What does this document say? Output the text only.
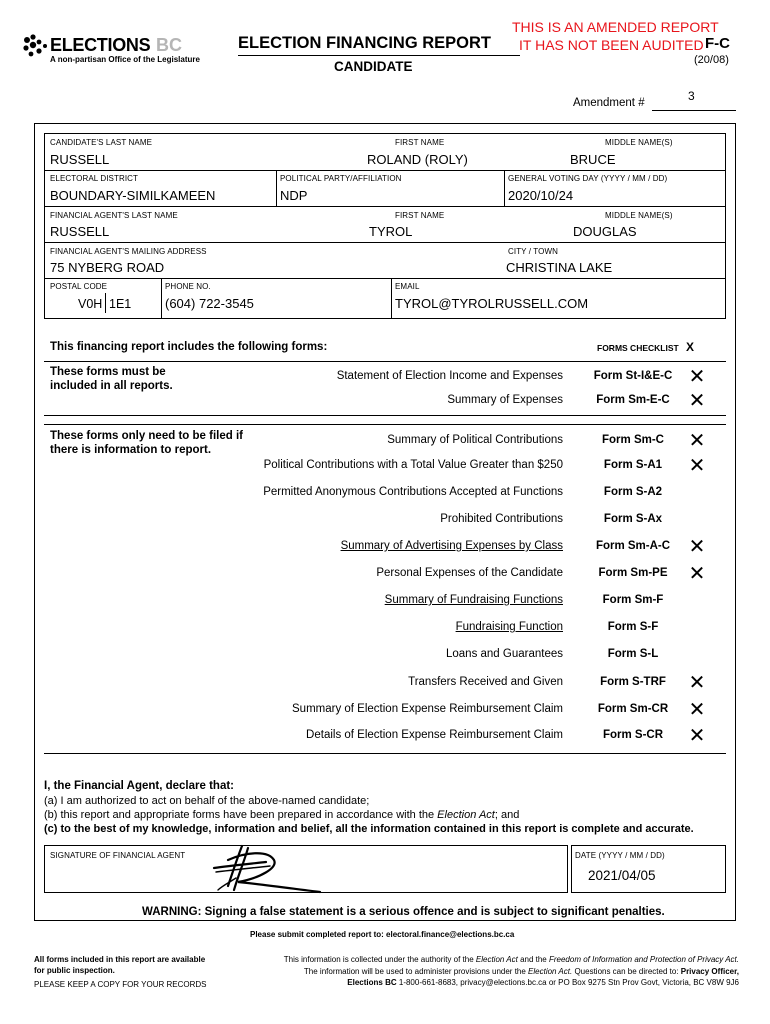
ELECTIONS BC
A non-partisan Office of the Legislature
ELECTION FINANCING REPORT
CANDIDATE
THIS IS AN AMENDED REPORT
IT HAS NOT BEEN AUDITED F-C
(20/08)
Amendment #	3
CANDIDATE'S LAST NAME	FIRST NAME	MIDDLE NAME(S)
RUSSELL	ROLAND (ROLY)	BRUCE
ELECTORAL DISTRICT	POLITICAL PARTY/AFFILIATION	GENERAL VOTING DAY (YYYY / MM / DD)
BOUNDARY-SIMILKAMEEN	NDP	2020/10/24
FINANCIAL AGENT'S LAST NAME	FIRST NAME	MIDDLE NAME(S)
RUSSELL	TYROL	DOUGLAS
FINANCIAL AGENT'S MAILING ADDRESS	CITY / TOWN
75 NYBERG ROAD	CHRISTINA LAKE
POSTAL CODE	PHONE NO.	EMAIL
V0H 1E1	(604) 722-3545	TYROL@TYROLRUSSELL.COM
This financing report includes the following forms:	FORMS CHECKLIST X
These forms must be included in all reports.
These forms only need to be filed if there is information to report.
Statement of Election Income and Expenses	Form St-I&E-C ✕
Summary of Expenses	Form Sm-E-C ✕
Summary of Political Contributions	Form Sm-C	✕
Political Contributions with a Total Value Greater than $250	Form S-A1	✕
Permitted Anonymous Contributions Accepted at Functions	Form S-A2
Prohibited Contributions	Form S-Ax
Summary of Advertising Expenses by Class	Form Sm-A-C ✕
Personal Expenses of the Candidate	Form Sm-PE	✕
Summary of Fundraising Functions	Form Sm-F
Fundraising Function	Form S-F
Loans and Guarantees	Form S-L
Transfers Received and Given	Form S-TRF	✕
Summary of Election Expense Reimbursement Claim	Form Sm-CR	✕
Details of Election Expense Reimbursement Claim	Form S-CR	✕
I, the Financial Agent, declare that:
(a) I am authorized to act on behalf of the above-named candidate;
(b) this report and appropriate forms have been prepared in accordance with the Election Act; and
(c) to the best of my knowledge, information and belief, all the information contained in this report is complete and accurate.
SIGNATURE OF FINANCIAL AGENT	DATE (YYYY / MM / DD)
2021/04/05
WARNING: Signing a false statement is a serious offence and is subject to significant penalties.
Please submit completed report to: electoral.finance@elections.bc.ca
All forms included in this report are available
for public inspection.
PLEASE KEEP A COPY FOR YOUR RECORDS
This information is collected under the authority of the Election Act and the Freedom of Information and Protection of Privacy Act.
The information will be used to administer provisions under the Election Act. Questions can be directed to: Privacy Officer,
Elections BC 1-800-661-8683, privacy@elections.bc.ca or PO Box 9275 Stn Prov Govt, Victoria, BC V8W 9J6
